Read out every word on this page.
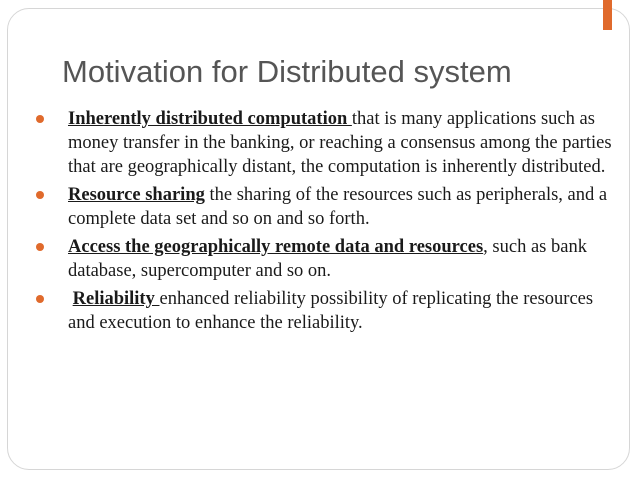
Motivation for Distributed system
Inherently distributed computation that is many applications such as money transfer in the banking, or reaching a consensus among the parties that are geographically distant, the computation is inherently distributed.
Resource sharing the sharing of the resources such as peripherals, and a complete data set and so on and so forth.
Access the geographically remote data and resources, such as bank database, supercomputer and so on.
Reliability enhanced reliability possibility of replicating the resources and execution to enhance the reliability.
